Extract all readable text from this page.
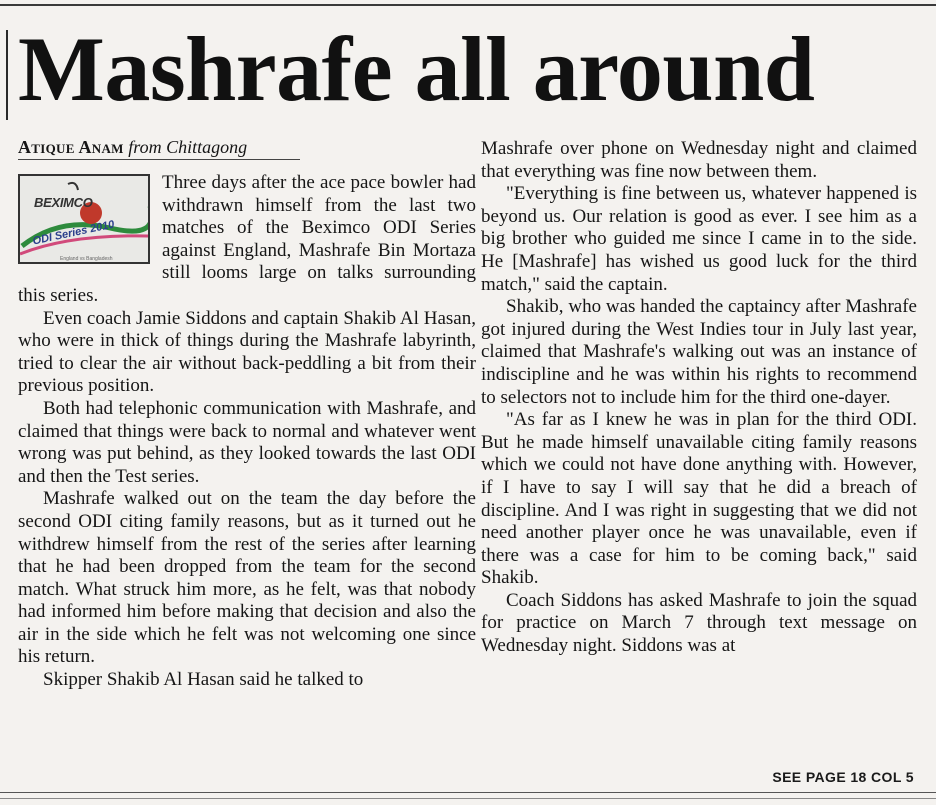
Mashrafe all around
Atique Anam from Chittagong
BEXIMCO
ODI Series 2010
England vs Bangladesh

Three days after the ace pace bowler had withdrawn himself from the last two matches of the Beximco ODI Series against England, Mashrafe Bin Mortaza still looms large on talks surrounding this series.

Even coach Jamie Siddons and captain Shakib Al Hasan, who were in thick of things during the Mashrafe labyrinth, tried to clear the air without back-peddling a bit from their previous position.

Both had telephonic communication with Mashrafe, and claimed that things were back to normal and whatever went wrong was put behind, as they looked towards the last ODI and then the Test series.

Mashrafe walked out on the team the day before the second ODI citing family reasons, but as it turned out he withdrew himself from the rest of the series after learning that he had been dropped from the team for the second match. What struck him more, as he felt, was that nobody had informed him before making that decision and also the air in the side which he felt was not welcoming one since his return.

Skipper Shakib Al Hasan said he talked to

Mashrafe over phone on Wednesday night and claimed that everything was fine now between them.

"Everything is fine between us, whatever happened is beyond us. Our relation is good as ever. I see him as a big brother who guided me since I came in to the side. He [Mashrafe] has wished us good luck for the third match," said the captain.

Shakib, who was handed the captaincy after Mashrafe got injured during the West Indies tour in July last year, claimed that Mashrafe's walking out was an instance of indiscipline and he was within his rights to recommend to selectors not to include him for the third one-dayer.

"As far as I knew he was in plan for the third ODI. But he made himself unavailable citing family reasons which we could not have done anything with. However, if I have to say I will say that he did a breach of discipline. And I was right in suggesting that we did not need another player once he was unavailable, even if there was a case for him to be coming back," said Shakib.

Coach Siddons has asked Mashrafe to join the squad for practice on March 7 through text message on Wednesday night. Siddons was at

SEE PAGE 18 COL 5
